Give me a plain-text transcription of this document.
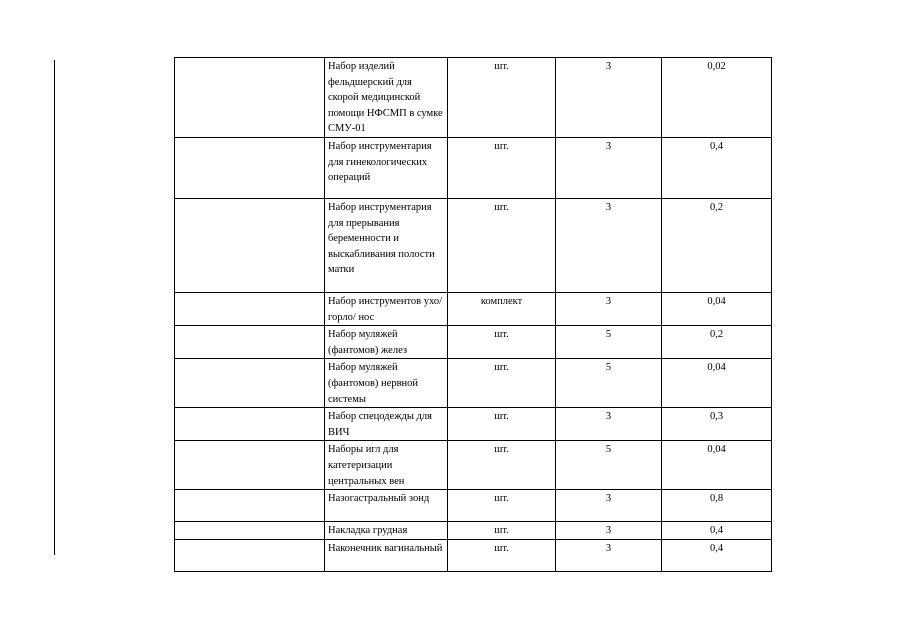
	Набор изделий фельдшерский для скорой медицинской помощи НФСМП в сумке СМУ-01	шт.	3	0,02
	Набор инструментария для гинекологических операций	шт.	3	0,4
	Набор инструментария для прерывания беременности и выскабливания полости матки	шт.	3	0,2
	Набор инструментов ухо/горло/ нос	комплект	3	0,04
	Набор муляжей (фантомов) желез	шт.	5	0,2
	Набор муляжей (фантомов) нервной системы	шт.	5	0,04
	Набор спецодежды для ВИЧ	шт.	3	0,3
	Наборы игл для катетеризации центральных вен	шт.	5	0,04
	Назогастральный зонд	шт.	3	0,8
	Накладка грудная	шт.	3	0,4
	Наконечник вагинальный	шт.	3	0,4
